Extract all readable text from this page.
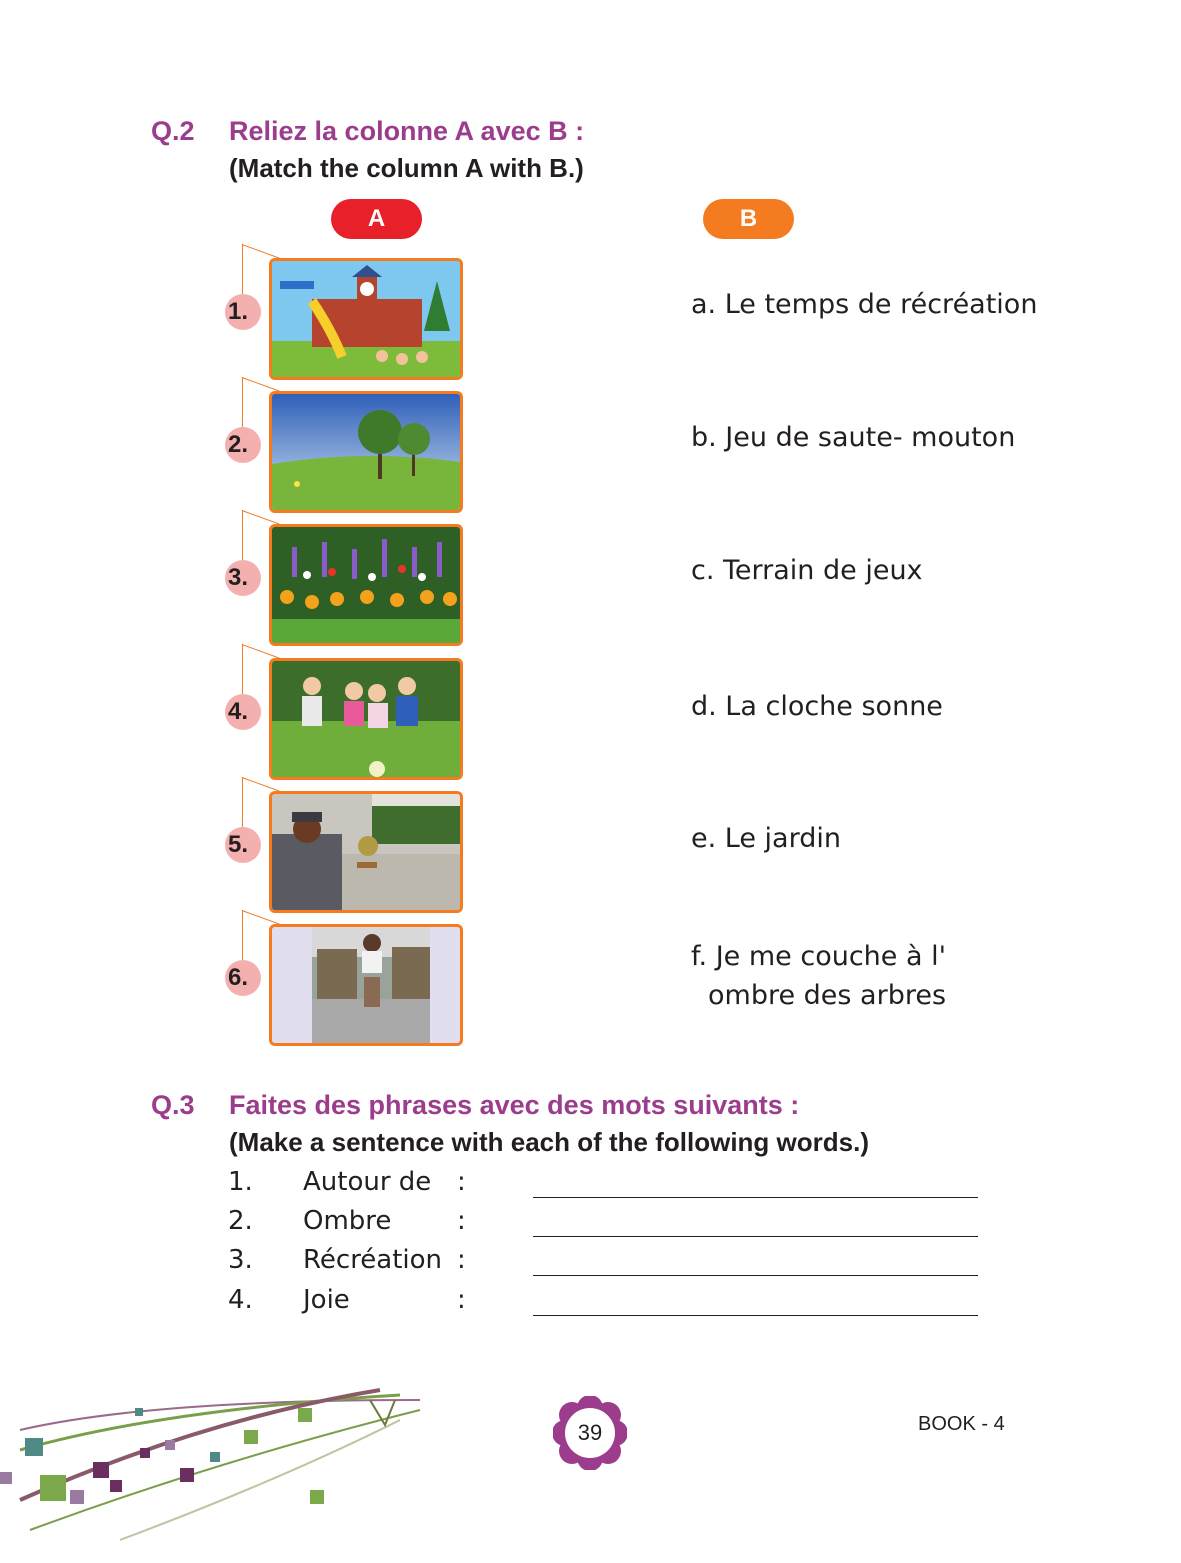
Q.2 Reliez la colonne A avec B :
(Match the column A with B.)
A	B
1.
2.
3.
4.
5.
6.
a. Le temps de récréation
b. Jeu de saute- mouton
c. Terrain de jeux
d. La cloche sonne
e. Le jardin
f. Je me couche à l'
ombre des arbres
Q.3 Faites des phrases avec des mots suivants :
(Make a sentence with each of the following words.)
1. Autour de :
2. Ombre	:
3. Récréation :
4. Joie	:
39	BOOK - 4
